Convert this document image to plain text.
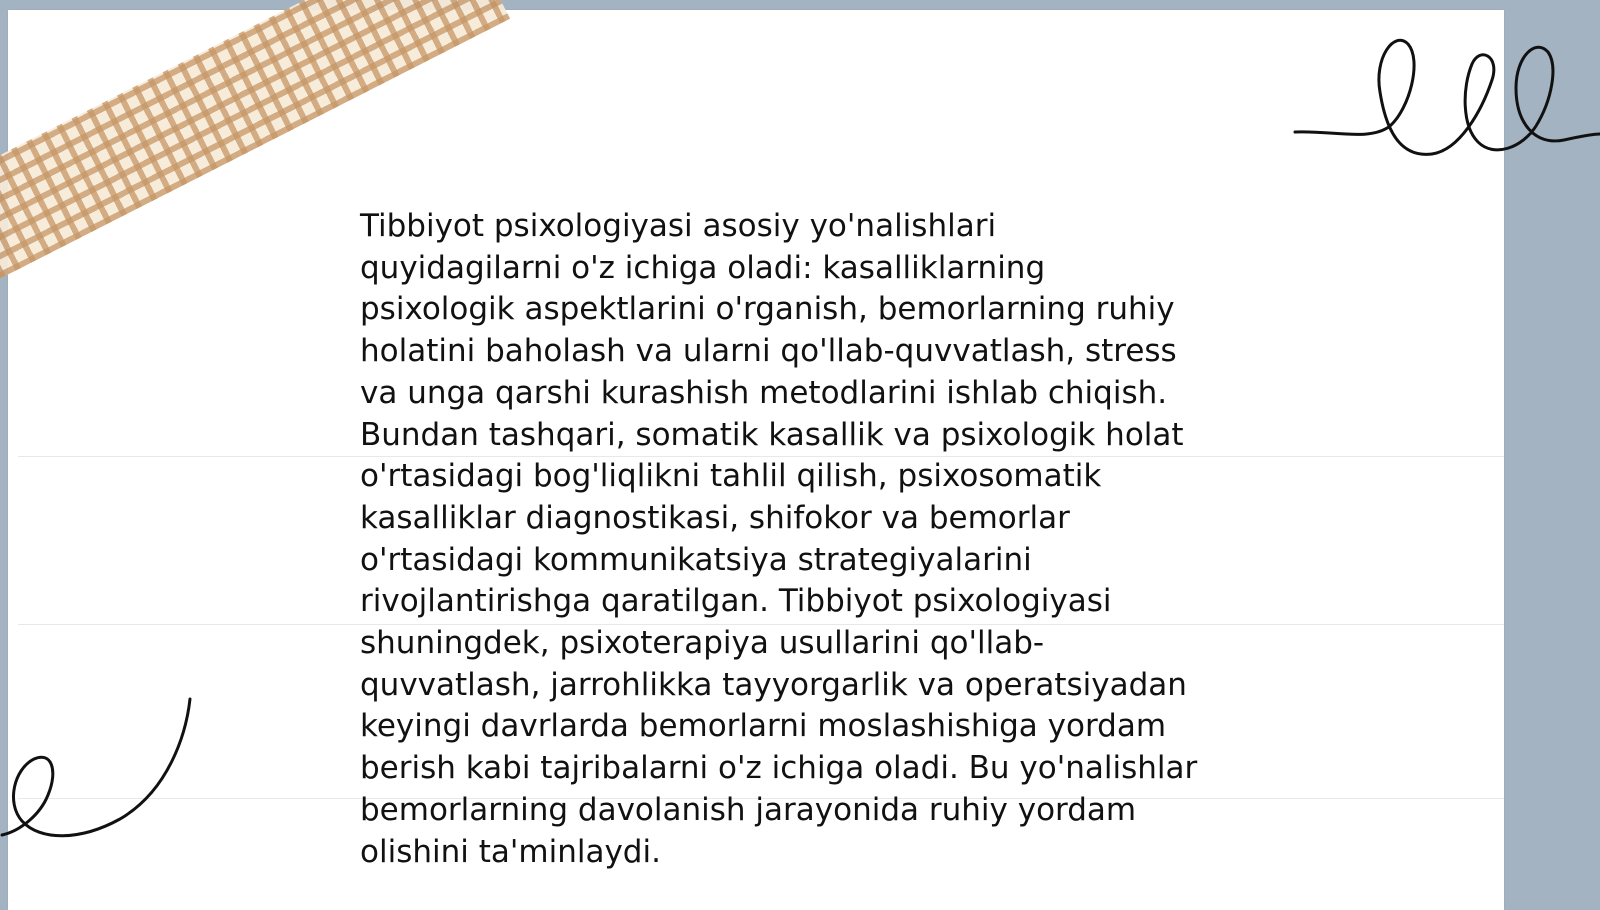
Tibbiyot psixologiyasi asosiy yo'nalishlari
quyidagilarni o'z ichiga oladi: kasalliklarning
psixologik aspektlarini o'rganish, bemorlarning ruhiy
holatini baholash va ularni qo'llab-quvvatlash, stress
va unga qarshi kurashish metodlarini ishlab chiqish.
Bundan tashqari, somatik kasallik va psixologik holat
o'rtasidagi bog'liqlikni tahlil qilish, psixosomatik
kasalliklar diagnostikasi, shifokor va bemorlar
o'rtasidagi kommunikatsiya strategiyalarini
rivojlantirishga qaratilgan. Tibbiyot psixologiyasi
shuningdek, psixoterapiya usullarini qo'llab-
quvvatlash, jarrohlikka tayyorgarlik va operatsiyadan
keyingi davrlarda bemorlarni moslashishiga yordam
berish kabi tajribalarni o'z ichiga oladi. Bu yo'nalishlar
bemorlarning davolanish jarayonida ruhiy yordam
olishini ta'minlaydi.
